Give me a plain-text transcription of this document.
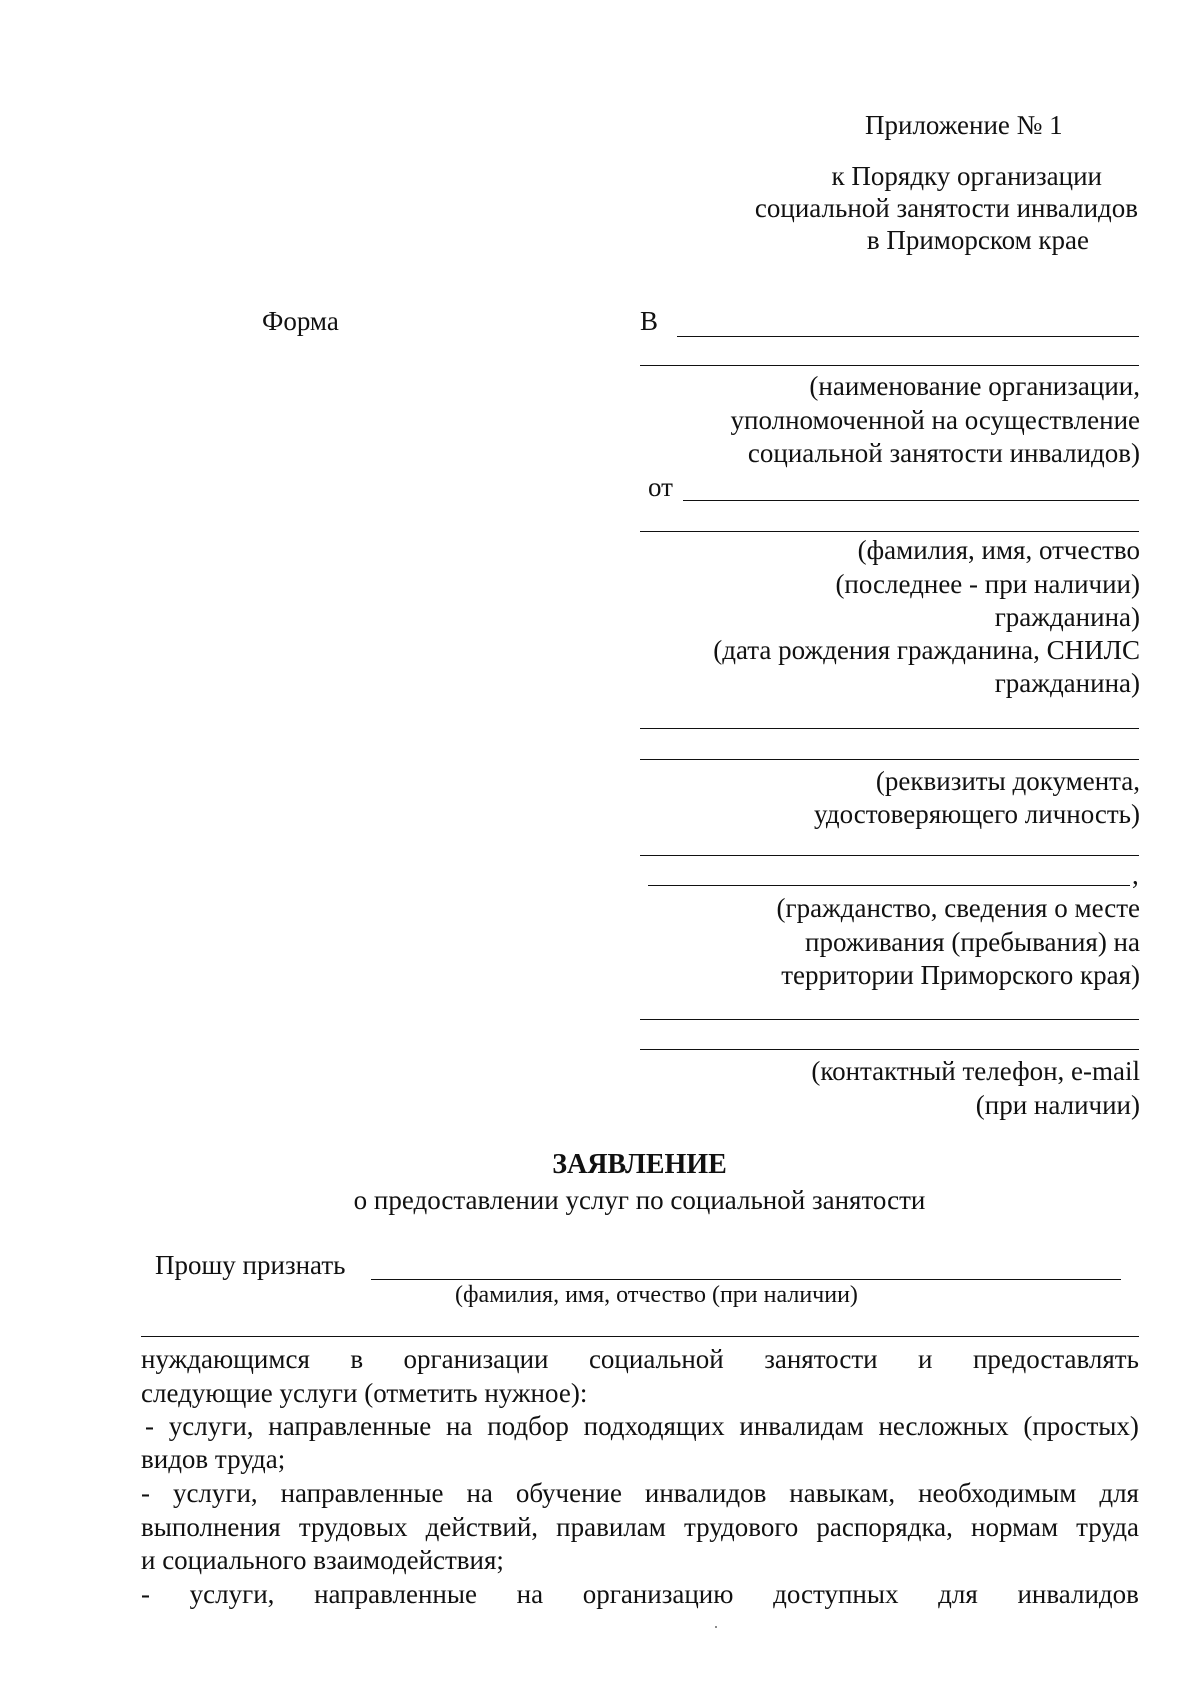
Приложение № 1
к Порядку организации
социальной занятости инвалидов
в Приморском крае
Форма	В
(наименование организации,
уполномоченной на осуществление
социальной занятости инвалидов)
от
(фамилия, имя, отчество
(последнее - при наличии)
гражданина)
(дата рождения гражданина, СНИЛС
гражданина)
(реквизиты документа,
удостоверяющего личность)
,
(гражданство, сведения о месте
проживания (пребывания) на
территории Приморского края)
(контактный телефон, e-mail
(при наличии)
ЗАЯВЛЕНИЕ
о предоставлении услуг по социальной занятости
Прошу признать
(фамилия, имя, отчество (при наличии)
нуждающимся в организации социальной занятости и предоставлять
следующие услуги (отметить нужное):
- услуги, направленные на подбор подходящих инвалидам несложных (простых)
видов труда;
- услуги, направленные на обучение инвалидов навыкам, необходимым для
выполнения трудовых действий, правилам трудового распорядка, нормам труда
и социального взаимодействия;
- услуги, направленные на организацию доступных для инвалидов
